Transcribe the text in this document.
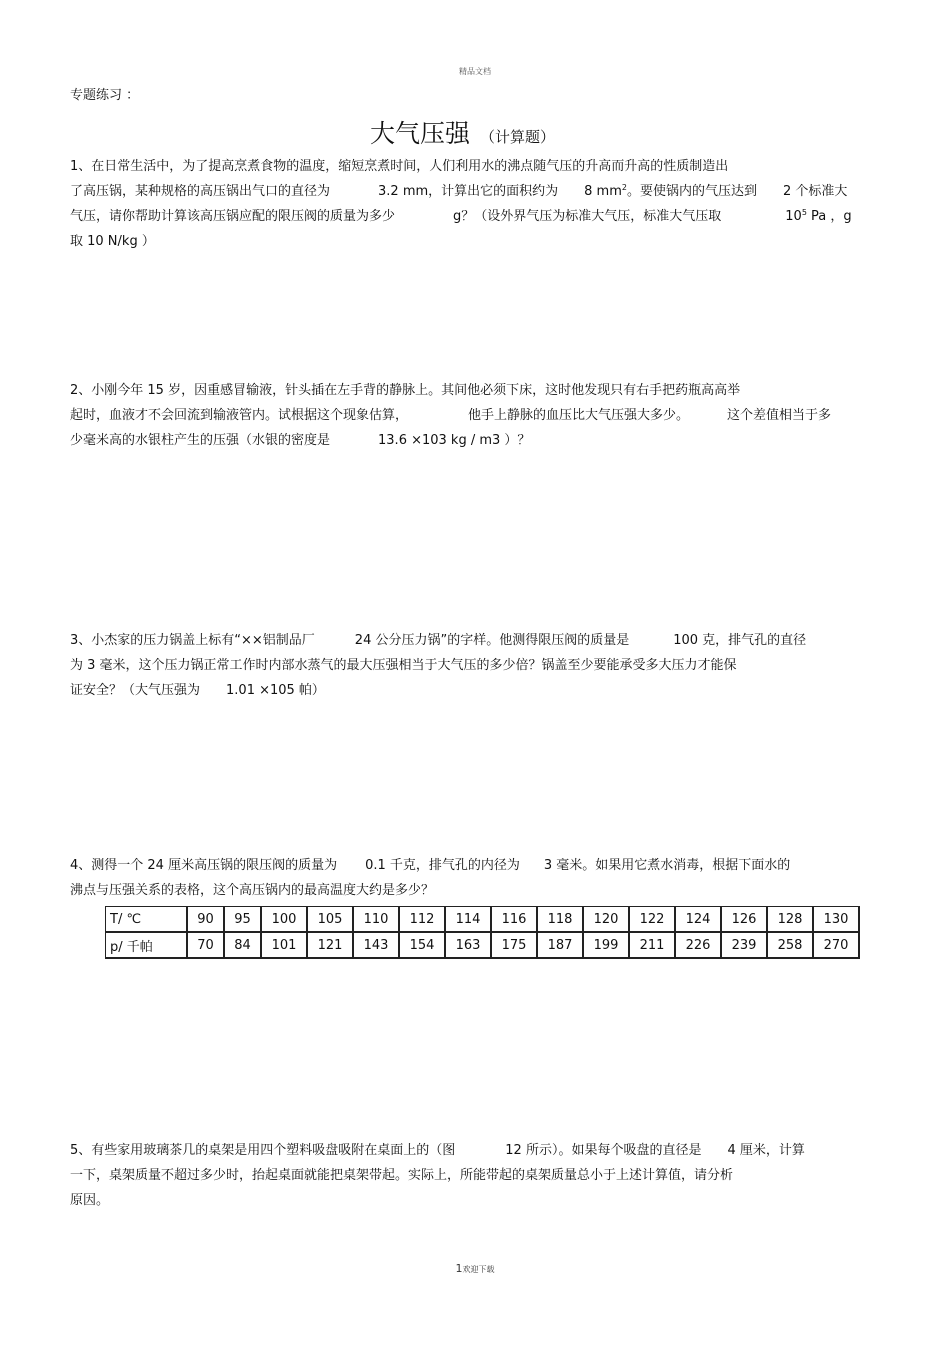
精品文档
专题练习 ：
大气压强 （计算题）
1、在日常生活中，为了提高烹煮食物的温度，缩短烹煮时间，人们利用水的沸点随气压的升高而升高的性质制造出
了高压锅，某种规格的高压锅出气口的直径为	3.2 mm，计算出它的面积约为 8 $mm^2$。要使锅内的气压达到 2 个标准大
气压，请你帮助计算该高压锅应配的限压阀的质量为多少	g？（设外界气压为标准大气压，标准大气压取	$10^5$ Pa ，g
取 10 N/kg ）
2、小刚今年 15 岁，因重感冒输液，针头插在左手背的静脉上。其间他必须下床，这时他发现只有右手把药瓶高高举
起时，血液才不会回流到输液管内。试根据这个现象估算，	他手上静脉的血压比大气压强大多少。	这个差值相当于多
少毫米高的水银柱产生的压强（水银的密度是	13.6 ×103 kg / m3 ）？
3、小杰家的压力锅盖上标有“××铝制品厂	24 公分压力锅”的字样。他测得限压阀的质量是	100 克，排气孔的直径
为 3 毫米，这个压力锅正常工作时内部水蒸气的最大压强相当于大气压的多少倍？锅盖至少要能承受多大压力才能保
证安全？（大气压强为 1.01 ×105 帕）
4、测得一个 24 厘米高压锅的限压阀的质量为 0.1 千克，排气孔的内径为 3 毫米。如果用它煮水消毒，根据下面水的
沸点与压强关系的表格，这个高压锅内的最高温度大约是多少？
T/ ℃	90	95	100	105	110	112	114	116	118	120	122	124	126	128	130
p/ 千帕	70	84	101	121	143	154	163	175	187	199	211	226	239	258	270
5、有些家用玻璃茶几的桌架是用四个塑料吸盘吸附在桌面上的（图	12 所示）。如果每个吸盘的直径是 4 厘米，计算
一下，桌架质量不超过多少时，抬起桌面就能把桌架带起。实际上，所能带起的桌架质量总小于上述计算值，请分析
原因。
1欢迎下载
